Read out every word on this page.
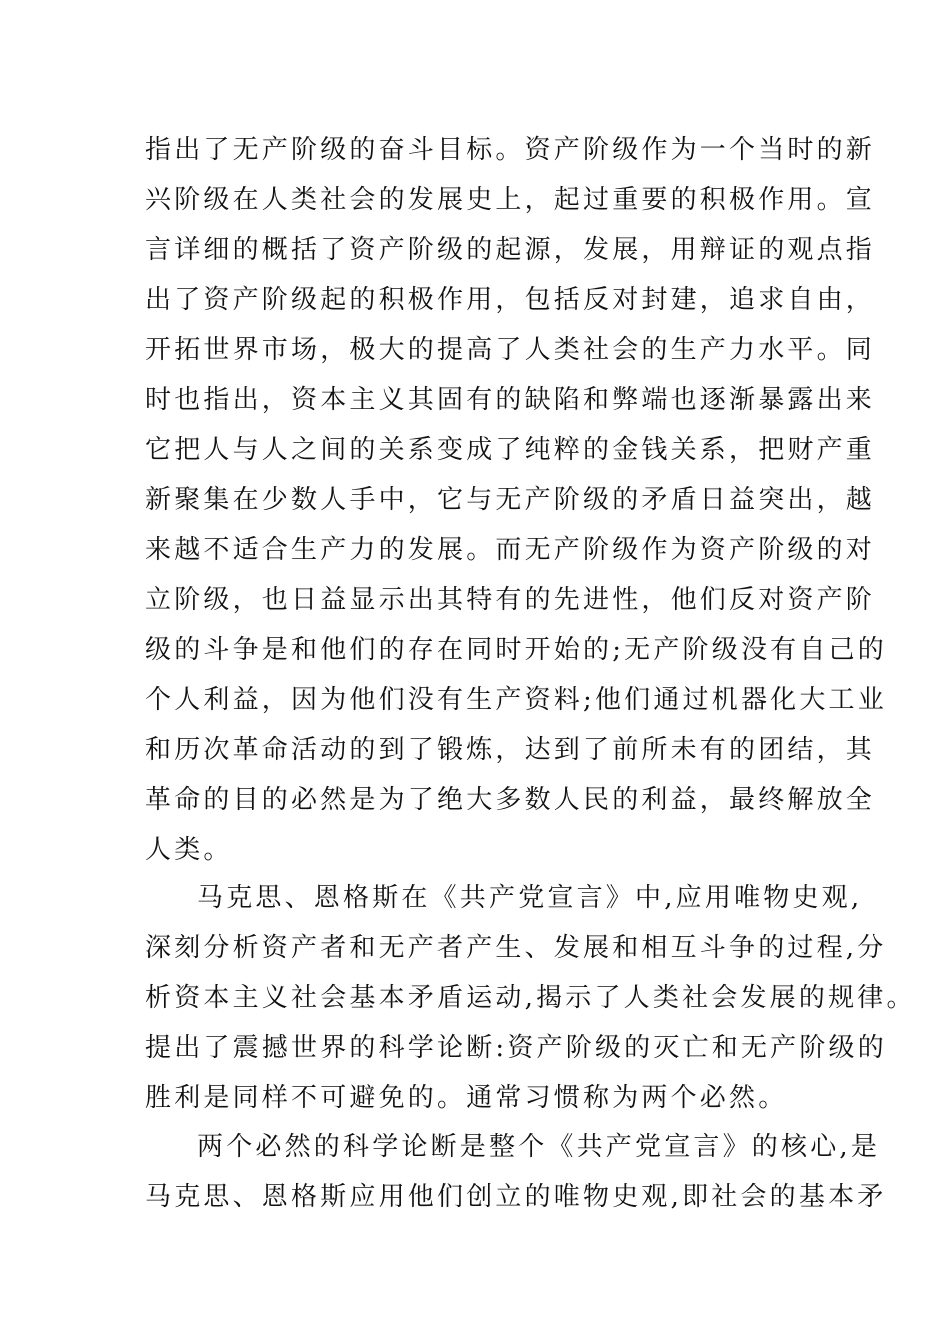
指出了无产阶级的奋斗目标。资产阶级作为一个当时的新
兴阶级在人类社会的发展史上，起过重要的积极作用。宣
言详细的概括了资产阶级的起源，发展，用辩证的观点指
出了资产阶级起的积极作用，包括反对封建，追求自由，
开拓世界市场，极大的提高了人类社会的生产力水平。同
时也指出，资本主义其固有的缺陷和弊端也逐渐暴露出来
它把人与人之间的关系变成了纯粹的金钱关系，把财产重
新聚集在少数人手中，它与无产阶级的矛盾日益突出，越
来越不适合生产力的发展。而无产阶级作为资产阶级的对
立阶级，也日益显示出其特有的先进性，他们反对资产阶
级的斗争是和他们的存在同时开始的;无产阶级没有自己的
个人利益，因为他们没有生产资料;他们通过机器化大工业
和历次革命活动的到了锻炼，达到了前所未有的团结，其
革命的目的必然是为了绝大多数人民的利益，最终解放全
人类。
马克思、恩格斯在《共产党宣言》中,应用唯物史观,
深刻分析资产者和无产者产生、发展和相互斗争的过程,分
析资本主义社会基本矛盾运动,揭示了人类社会发展的规律。
提出了震撼世界的科学论断:资产阶级的灭亡和无产阶级的
胜利是同样不可避免的。通常习惯称为两个必然。
两个必然的科学论断是整个《共产党宣言》的核心,是
马克思、恩格斯应用他们创立的唯物史观,即社会的基本矛
